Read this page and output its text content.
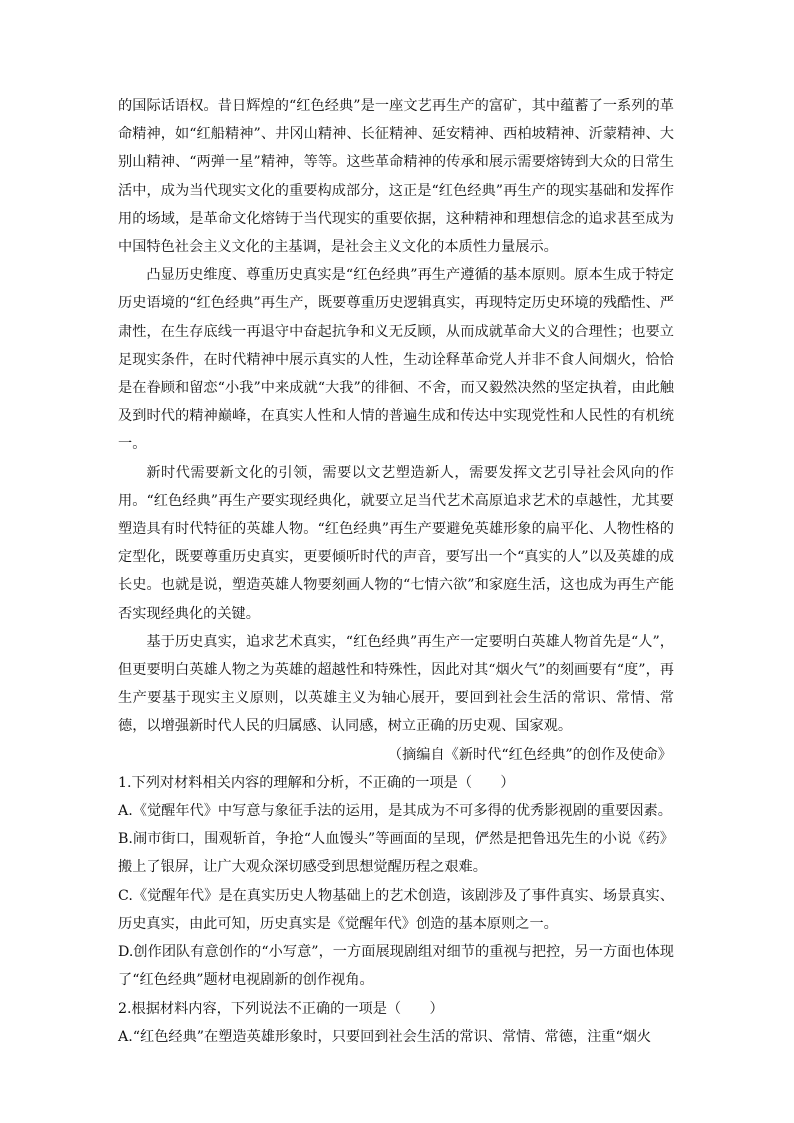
的国际话语权。昔日辉煌的“红色经典”是一座文艺再生产的富矿，其中蕴蓄了一系列的革命精神，如“红船精神”、井冈山精神、长征精神、延安精神、西柏坡精神、沂蒙精神、大别山精神、“两弹一星”精神，等等。这些革命精神的传承和展示需要熔铸到大众的日常生活中，成为当代现实文化的重要构成部分，这正是“红色经典”再生产的现实基础和发挥作用的场域，是革命文化熔铸于当代现实的重要依据，这种精神和理想信念的追求甚至成为中国特色社会主义文化的主基调，是社会主义文化的本质性力量展示。

凸显历史维度、尊重历史真实是“红色经典”再生产遵循的基本原则。原本生成于特定历史语境的“红色经典”再生产，既要尊重历史逻辑真实，再现特定历史环境的残酷性、严肃性，在生存底线一再退守中奋起抗争和义无反顾，从而成就革命大义的合理性；也要立足现实条件，在时代精神中展示真实的人性，生动诠释革命党人并非不食人间烟火，恰恰是在眷顾和留恋“小我”中来成就“大我”的徘徊、不舍，而又毅然决然的坚定执着，由此触及到时代的精神巅峰，在真实人性和人情的普遍生成和传达中实现党性和人民性的有机统一。

新时代需要新文化的引领，需要以文艺塑造新人，需要发挥文艺引导社会风向的作用。“红色经典”再生产要实现经典化，就要立足当代艺术高原追求艺术的卓越性，尤其要塑造具有时代特征的英雄人物。“红色经典”再生产要避免英雄形象的扁平化、人物性格的定型化，既要尊重历史真实，更要倾听时代的声音，要写出一个“真实的人”以及英雄的成长史。也就是说，塑造英雄人物要刻画人物的“七情六欲”和家庭生活，这也成为再生产能否实现经典化的关键。

基于历史真实，追求艺术真实，“红色经典”再生产一定要明白英雄人物首先是“人”，但更要明白英雄人物之为英雄的超越性和特殊性，因此对其“烟火气”的刻画要有“度”，再生产要基于现实主义原则，以英雄主义为轴心展开，要回到社会生活的常识、常情、常德，以增强新时代人民的归属感、认同感，树立正确的历史观、国家观。

（摘编自《新时代“红色经典”的创作及使命》

1.下列对材料相关内容的理解和分析，不正确的一项是（　　）

A.《觉醒年代》中写意与象征手法的运用，是其成为不可多得的优秀影视剧的重要因素。

B.闹市街口，围观斩首，争抢“人血馒头”等画面的呈现，俨然是把鲁迅先生的小说《药》搬上了银屏，让广大观众深切感受到思想觉醒历程之艰难。

C.《觉醒年代》是在真实历史人物基础上的艺术创造，该剧涉及了事件真实、场景真实、历史真实，由此可知，历史真实是《觉醒年代》创造的基本原则之一。

D.创作团队有意创作的“小写意”，一方面展现剧组对细节的重视与把控，另一方面也体现了“红色经典”题材电视剧新的创作视角。

2.根据材料内容，下列说法不正确的一项是（　　）

A.“红色经典”在塑造英雄形象时，只要回到社会生活的常识、常情、常德，注重“烟火
